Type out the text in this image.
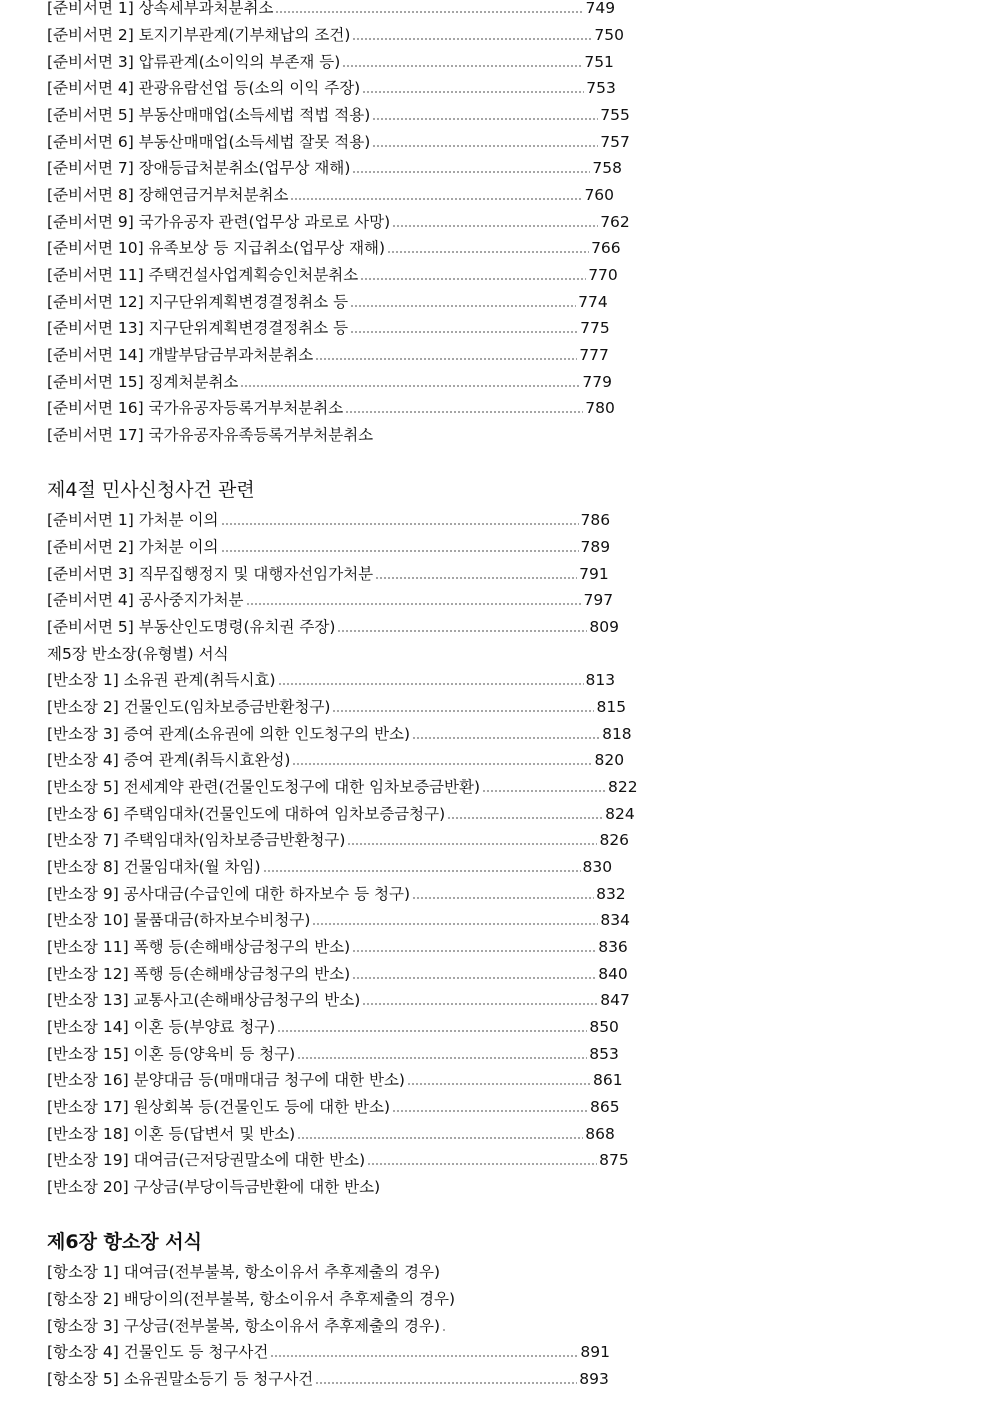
[준비서면 1] 상속세부과처분취소	749
[준비서면 2] 토지기부관계(기부채납의 조건)	750
[준비서면 3] 압류관계(소이익의 부존재 등)	751
[준비서면 4] 관광유람선업 등(소의 이익 주장)	753
[준비서면 5] 부동산매매업(소득세법 적법 적용)	755
[준비서면 6] 부동산매매업(소득세법 잘못 적용)	757
[준비서면 7] 장애등급처분취소(업무상 재해)	758
[준비서면 8] 장해연금거부처분취소	760
[준비서면 9] 국가유공자 관련(업무상 과로로 사망)	762
[준비서면 10] 유족보상 등 지급취소(업무상 재해)	766
[준비서면 11] 주택건설사업계획승인처분취소	770
[준비서면 12] 지구단위계획변경결정취소 등	774
[준비서면 13] 지구단위계획변경결정취소 등	775
[준비서면 14] 개발부담금부과처분취소	777
[준비서면 15] 징계처분취소	779
[준비서면 16] 국가유공자등록거부처분취소	780
[준비서면 17] 국가유공자유족등록거부처분취소
제4절 민사신청사건 관련
[준비서면 1] 가처분 이의	786
[준비서면 2] 가처분 이의	789
[준비서면 3] 직무집행정지 및 대행자선임가처분	791
[준비서면 4] 공사중지가처분	797
[준비서면 5] 부동산인도명령(유치권 주장)	809
제5장 반소장(유형별) 서식
[반소장 1] 소유권 관계(취득시효)	813
[반소장 2] 건물인도(임차보증금반환청구)	815
[반소장 3] 증여 관계(소유권에 의한 인도청구의 반소)	818
[반소장 4] 증여 관계(취득시효완성)	820
[반소장 5] 전세계약 관련(건물인도청구에 대한 임차보증금반환)	822
[반소장 6] 주택임대차(건물인도에 대하여 임차보증금청구)	824
[반소장 7] 주택임대차(임차보증금반환청구)	826
[반소장 8] 건물임대차(월 차임)	830
[반소장 9] 공사대금(수급인에 대한 하자보수 등 청구)	832
[반소장 10] 물품대금(하자보수비청구)	834
[반소장 11] 폭행 등(손해배상금청구의 반소)	836
[반소장 12] 폭행 등(손해배상금청구의 반소)	840
[반소장 13] 교통사고(손해배상금청구의 반소)	847
[반소장 14] 이혼 등(부양료 청구)	850
[반소장 15] 이혼 등(양육비 등 청구)	853
[반소장 16] 분양대금 등(매매대금 청구에 대한 반소)	861
[반소장 17] 원상회복 등(건물인도 등에 대한 반소)	865
[반소장 18] 이혼 등(답변서 및 반소)	868
[반소장 19] 대여금(근저당권말소에 대한 반소)	875
[반소장 20] 구상금(부당이득금반환에 대한 반소)
제6장 항소장 서식
[항소장 1] 대여금(전부불복, 항소이유서 추후제출의 경우)
[항소장 2] 배당이의(전부불복, 항소이유서 추후제출의 경우)
[항소장 3] 구상금(전부불복, 항소이유서 추후제출의 경우)
[항소장 4] 건물인도 등 청구사건	891
[항소장 5] 소유권말소등기 등 청구사건	893
